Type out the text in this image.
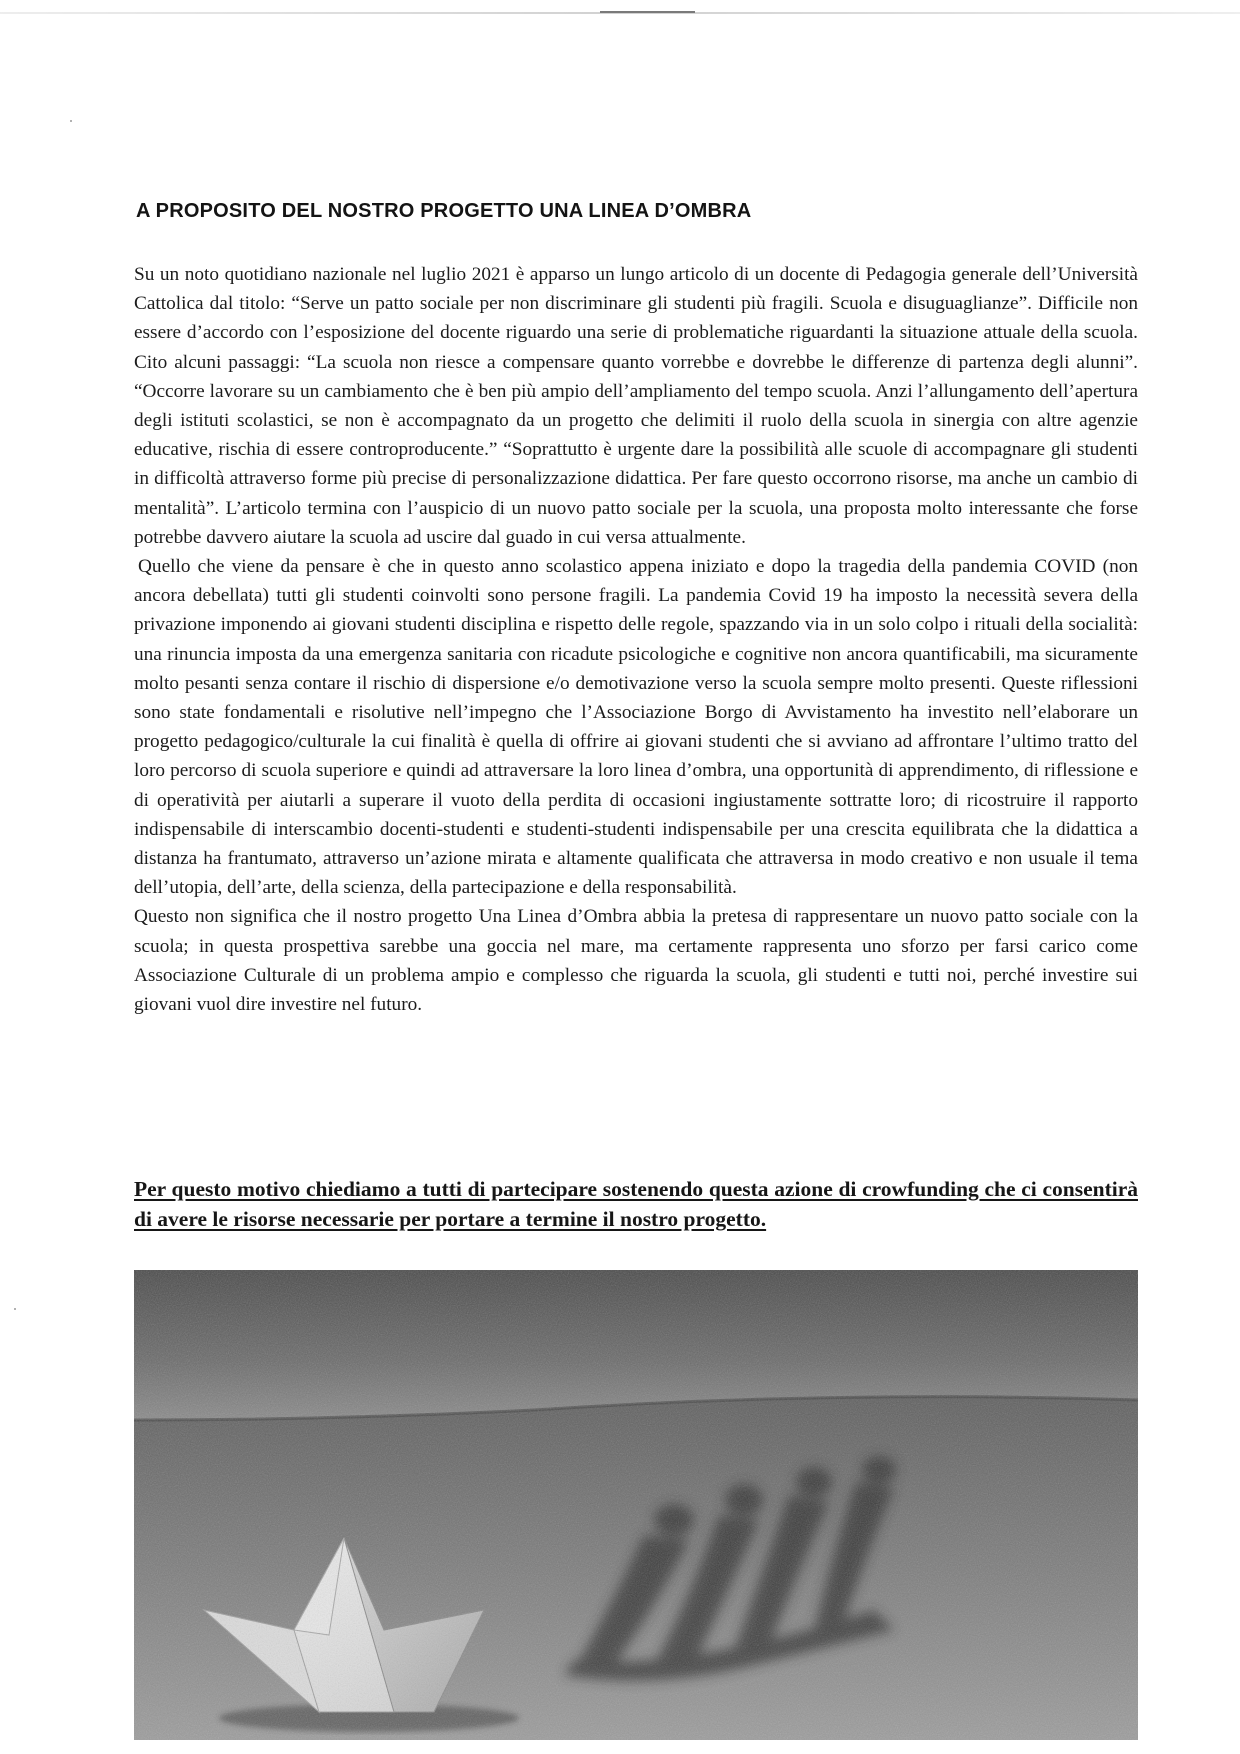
A PROPOSITO DEL NOSTRO PROGETTO UNA LINEA D’OMBRA

Su un noto quotidiano nazionale nel luglio 2021 è apparso un lungo articolo di un docente di Pedagogia generale dell’Università Cattolica dal titolo: “Serve un patto sociale per non discriminare gli studenti più fragili. Scuola e disuguaglianze”. Difficile non essere d’accordo con l’esposizione del docente riguardo una serie di problematiche riguardanti la situazione attuale della scuola. Cito alcuni passaggi: “La scuola non riesce a compensare quanto vorrebbe e dovrebbe le differenze di partenza degli alunni”. “Occorre lavorare su un cambiamento che è ben più ampio dell’ampliamento del tempo scuola. Anzi l’allungamento dell’apertura degli istituti scolastici, se non è accompagnato da un progetto che delimiti il ruolo della scuola in sinergia con altre agenzie educative, rischia di essere controproducente.” “Soprattutto è urgente dare la possibilità alle scuole di accompagnare gli studenti in difficoltà attraverso forme più precise di personalizzazione didattica. Per fare questo occorrono risorse, ma anche un cambio di mentalità”. L’articolo termina con l’auspicio di un nuovo patto sociale per la scuola, una proposta molto interessante che forse potrebbe davvero aiutare la scuola ad uscire dal guado in cui versa attualmente.

Quello che viene da pensare è che in questo anno scolastico appena iniziato e dopo la tragedia della pandemia COVID (non ancora debellata) tutti gli studenti coinvolti sono persone fragili. La pandemia Covid 19 ha imposto la necessità severa della privazione imponendo ai giovani studenti disciplina e rispetto delle regole, spazzando via in un solo colpo i rituali della socialità: una rinuncia imposta da una emergenza sanitaria con ricadute psicologiche e cognitive non ancora quantificabili, ma sicuramente molto pesanti senza contare il rischio di dispersione e/o demotivazione verso la scuola sempre molto presenti. Queste riflessioni sono state fondamentali e risolutive nell’impegno che l’Associazione Borgo di Avvistamento ha investito nell’elaborare un progetto pedagogico/culturale la cui finalità è quella di offrire ai giovani studenti che si avviano ad affrontare l’ultimo tratto del loro percorso di scuola superiore e quindi ad attraversare la loro linea d’ombra, una opportunità di apprendimento, di riflessione e di operatività per aiutarli a superare il vuoto della perdita di occasioni ingiustamente sottratte loro; di ricostruire il rapporto indispensabile di interscambio docenti-studenti e studenti-studenti indispensabile per una crescita equilibrata che la didattica a distanza ha frantumato, attraverso un’azione mirata e altamente qualificata che attraversa in modo creativo e non usuale il tema dell’utopia, dell’arte, della scienza, della partecipazione e della responsabilità.

Questo non significa che il nostro progetto Una Linea d’Ombra abbia la pretesa di rappresentare un nuovo patto sociale con la scuola; in questa prospettiva sarebbe una goccia nel mare, ma certamente rappresenta uno sforzo per farsi carico come Associazione Culturale di un problema ampio e complesso che riguarda la scuola, gli studenti e tutti noi, perché investire sui giovani vuol dire investire nel futuro.

Per questo motivo chiediamo a tutti di partecipare sostenendo questa azione di crowfunding che ci consentirà di avere le risorse necessarie per portare a termine il nostro progetto.
